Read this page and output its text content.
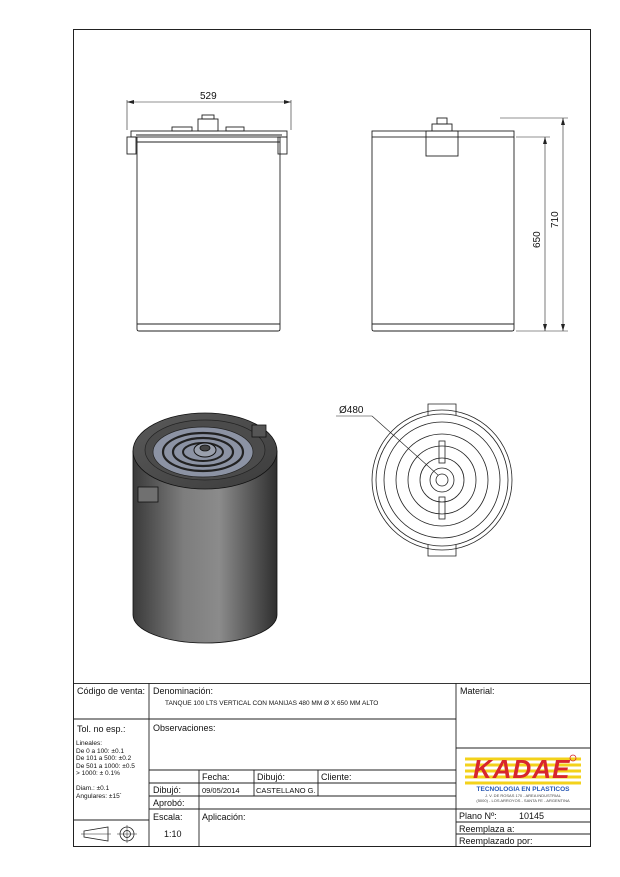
529
650
710
Ø480
Código de venta: Denominación:
TANQUE 100 LTS VERTICAL CON MANIJAS 480 MM Ø X 650 MM ALTO
Material:
Tol. no esp.:	Observaciones:
Lineales:
De 0 a 100: ±0.1
De 101 a 500: ±0.2
De 501 a 1000: ±0.5
> 1000: ± 0.1%
Diam.: ±0.1
Angulares: ±15´
Fecha:	Dibujó:	Cliente:
Dibujó:	09/05/2014 CASTELLANO G.
Aprobó:
Escala:
1:10
Aplicación:	Plano Nº: 10145
Reemplaza a:
Reemplazado por:
KADAE
TECNOLOGIA EN PLASTICOS
J. V. DE ROSAS 170 - AREA INDUSTRIAL
(5000) - LOS ARROYOS - SANTA FE - ARGENTINA
